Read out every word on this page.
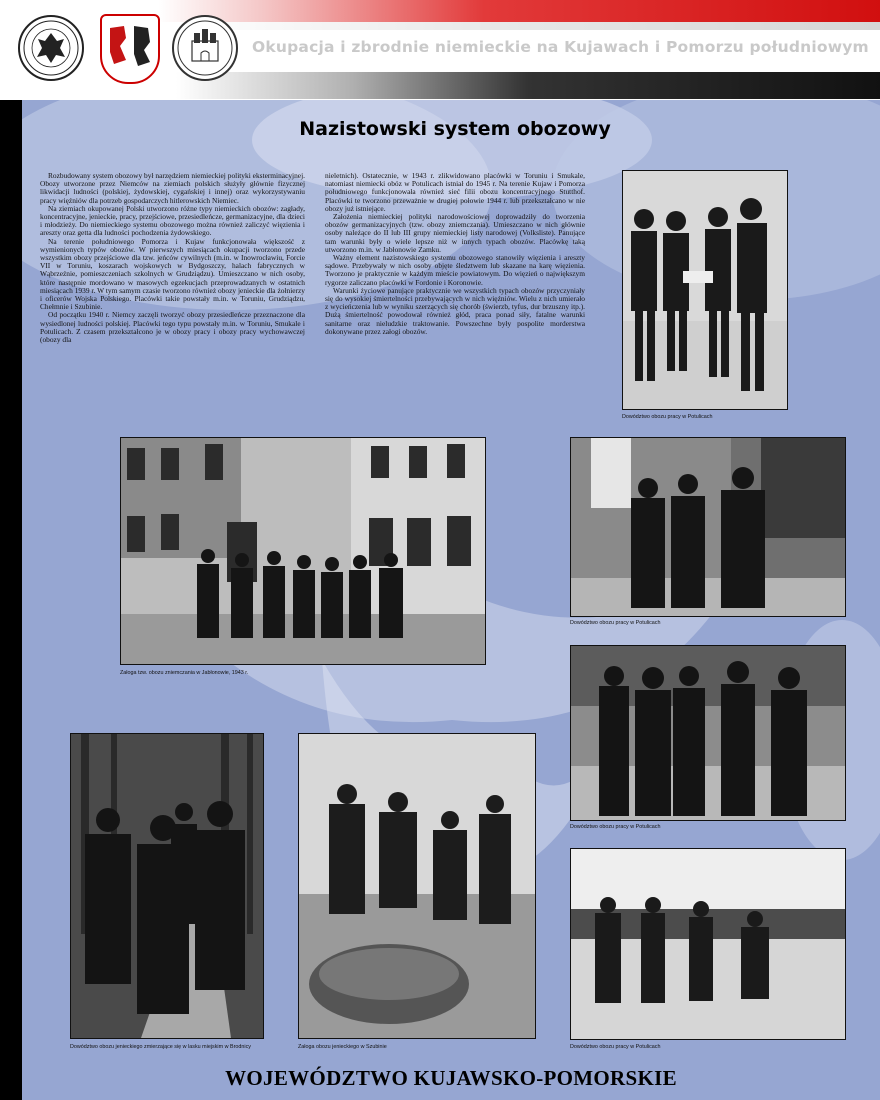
Okupacja i zbrodnie niemieckie na Kujawach i Pomorzu południowym
Nazistowski system obozowy

Rozbudowany system obozowy był narzędziem niemieckiej polityki eksterminacyjnej. Obozy utworzone przez Niemców na ziemiach polskich służyły głównie fizycznej likwidacji ludności (polskiej, żydowskiej, cygańskiej i innej) oraz wykorzystywaniu pracy więźniów dla potrzeb gospodarczych hitlerowskich Niemiec.

Na ziemiach okupowanej Polski utworzono różne typy niemieckich obozów: zagłady, koncentracyjne, jenieckie, pracy, przejściowe, przesiedleńcze, germanizacyjne, dla dzieci i młodzieży. Do niemieckiego systemu obozowego można również zaliczyć więzienia i areszty oraz getta dla ludności pochodzenia żydowskiego.

Na terenie południowego Pomorza i Kujaw funkcjonowała większość z wymienionych typów obozów. W pierwszych miesiącach okupacji tworzono przede wszystkim obozy przejściowe dla tzw. jeńców cywilnych (m.in. w Inowrocławiu, Forcie VII w Toruniu, koszarach wojskowych w Bydgoszczy, halach fabrycznych w Wąbrzeźnie, pomieszczeniach szkolnych w Grudziądzu). Umieszczano w nich osoby, które następnie mordowano w masowych egzekucjach przeprowadzanych w ostatnich miesiącach 1939 r. W tym samym czasie tworzono również obozy jenieckie dla żołnierzy i oficerów Wojska Polskiego. Placówki takie powstały m.in. w Toruniu, Grudziądzu, Chełmnie i Szubinie.

Od początku 1940 r. Niemcy zaczęli tworzyć obozy przesiedleńcze przeznaczone dla wysiedlonej ludności polskiej. Placówki tego typu powstały m.in. w Toruniu, Smukale i Potulicach. Z czasem przekształcono je w obozy pracy i obozy pracy wychowawczej (obozy dla

nieletnich). Ostatecznie, w 1943 r. zlikwidowano placówki w Toruniu i Smukale, natomiast niemiecki obóz w Potulicach istniał do 1945 r. Na terenie Kujaw i Pomorza południowego funkcjonowała również sieć filii obozu koncentracyjnego Stutthof. Placówki te tworzono przeważnie w drugiej połowie 1944 r. lub przekształcano w nie obozy już istniejące.

Założenia niemieckiej polityki narodowościowej doprowadziły do tworzenia obozów germanizacyjnych (tzw. obozy zniemczania). Umieszczano w nich głównie osoby należące do II lub III grupy niemieckiej listy narodowej (Volksliste). Panujące tam warunki były o wiele lepsze niż w innych typach obozów. Placówkę taką utworzono m.in. w Jabłonowie Zamku.

Ważny element nazistowskiego systemu obozowego stanowiły więzienia i areszty sądowe. Przebywały w nich osoby objęte śledztwem lub skazane na karę więzienia. Tworzono je praktycznie w każdym mieście powiatowym. Do więzień o największym rygorze zaliczano placówki w Fordonie i Koronowie.

Warunki życiowe panujące praktycznie we wszystkich typach obozów przyczyniały się do wysokiej śmiertelności przebywających w nich więźniów. Wielu z nich umierało z wycieńczenia lub w wyniku szerzących się chorób (świerzb, tyfus, dur brzuszny itp.). Dużą śmiertelność powodował również głód, praca ponad siły, fatalne warunki sanitarne oraz nieludzkie traktowanie. Powszechne były pospolite morderstwa dokonywane przez załogi obozów.

Dowództwo obozu pracy w Potulicach
Załoga tzw. obozu zniemczania w Jabłonowie, 1943 r.
Dowództwo obozu pracy w Potulicach
Dowództwo obozu pracy w Potulicach
Dowództwo obozu jenieckiego zmierzające się w lasku miejskim w Brodnicy	Załoga obozu jenieckiego w Szubinie	Dowództwo obozu pracy w Potulicach
WOJEWÓDZTWO KUJAWSKO-POMORSKIE
